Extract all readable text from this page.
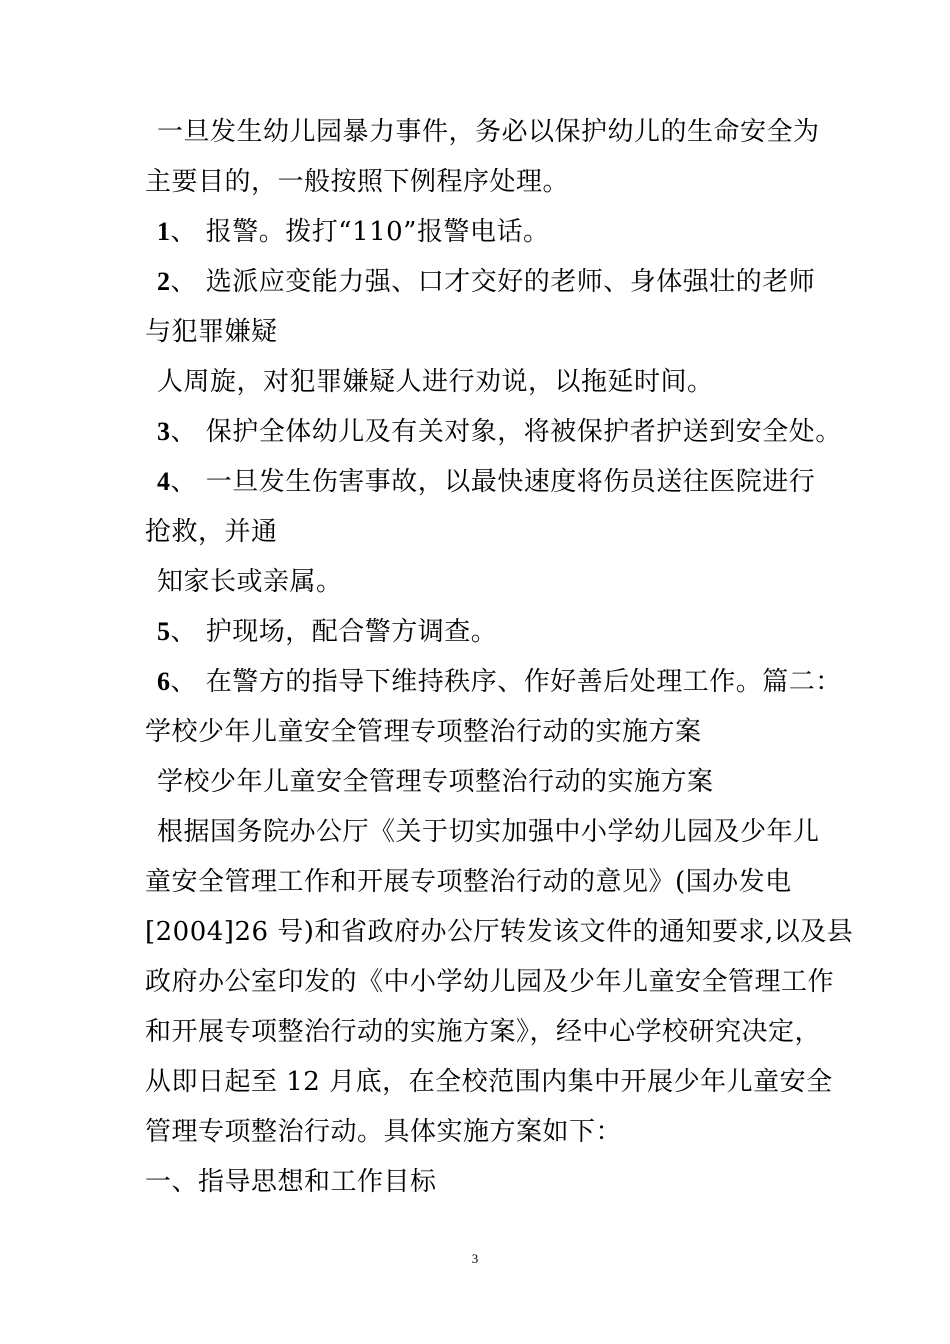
一旦发生幼儿园暴力事件，务必以保护幼儿的生命安全为
主要目的，一般按照下例程序处理。
1、 报警。拨打“110”报警电话。
2、 选派应变能力强、口才交好的老师、身体强壮的老师
与犯罪嫌疑
人周旋，对犯罪嫌疑人进行劝说，以拖延时间。
3、 保护全体幼儿及有关对象，将被保护者护送到安全处。
4、 一旦发生伤害事故，以最快速度将伤员送往医院进行
抢救，并通
知家长或亲属。
5、 护现场，配合警方调查。
6、 在警方的指导下维持秩序、作好善后处理工作。篇二：
学校少年儿童安全管理专项整治行动的实施方案
学校少年儿童安全管理专项整治行动的实施方案
根据国务院办公厅《关于切实加强中小学幼儿园及少年儿
童安全管理工作和开展专项整治行动的意见》(国办发电
[2004]26 号)和省政府办公厅转发该文件的通知要求,以及县
政府办公室印发的《中小学幼儿园及少年儿童安全管理工作
和开展专项整治行动的实施方案》，经中心学校研究决定，
从即日起至 12 月底，在全校范围内集中开展少年儿童安全
管理专项整治行动。具体实施方案如下：
一、指导思想和工作目标
3
